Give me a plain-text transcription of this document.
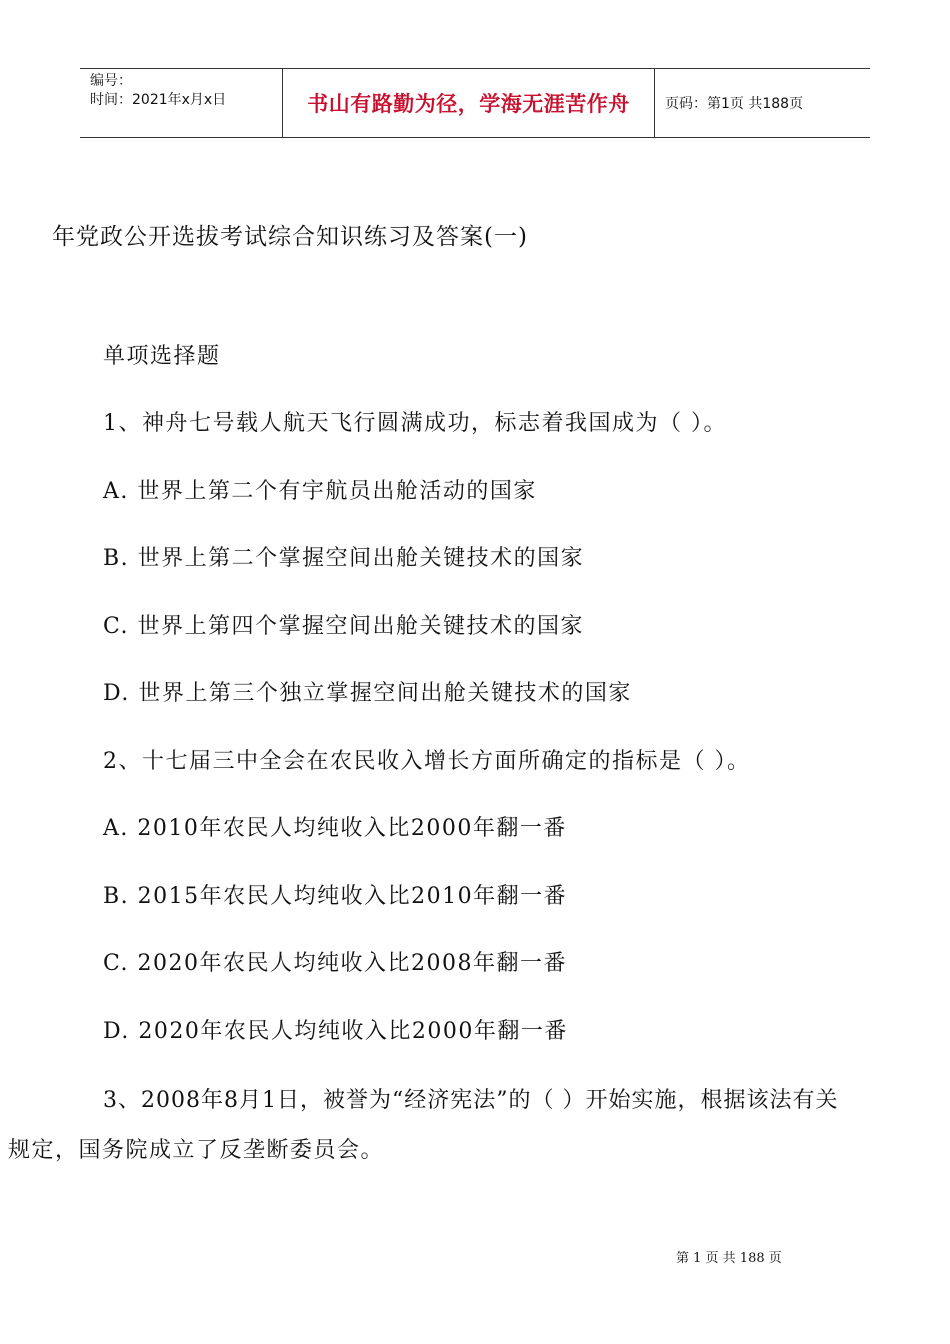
编号：
时间：2021年x月x日	书山有路勤为径，学海无涯苦作舟	页码：第1页 共188页
年党政公开选拔考试综合知识练习及答案(一)
单项选择题
1、神舟七号载人航天飞行圆满成功，标志着我国成为（ ）。
A. 世界上第二个有宇航员出舱活动的国家
B. 世界上第二个掌握空间出舱关键技术的国家
C. 世界上第四个掌握空间出舱关键技术的国家
D. 世界上第三个独立掌握空间出舱关键技术的国家
2、十七届三中全会在农民收入增长方面所确定的指标是（ ）。
A. 2010年农民人均纯收入比2000年翻一番
B. 2015年农民人均纯收入比2010年翻一番
C. 2020年农民人均纯收入比2008年翻一番
D. 2020年农民人均纯收入比2000年翻一番
3、2008年8月1日，被誉为“经济宪法”的（ ）开始实施，根据该法有关
规定，国务院成立了反垄断委员会。
第 1 页 共 188 页
